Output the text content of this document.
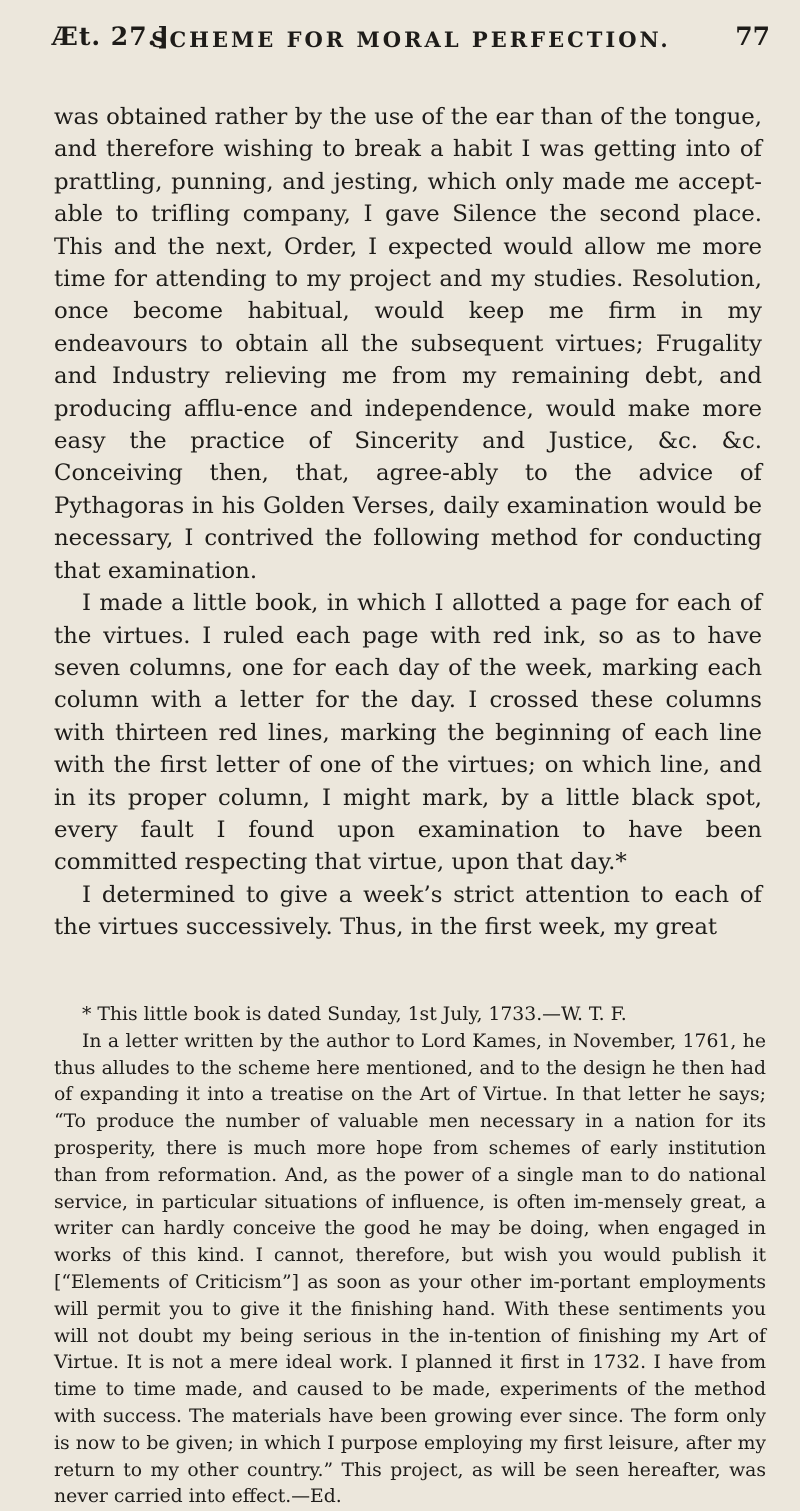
Æt. 27.]
SCHEME FOR MORAL PERFECTION.	77

was obtained rather by the use of the ear than of the tongue, and therefore wishing to break a habit I was getting into of prattling, punning, and jesting, which only made me accept-able to trifling company, I gave Silence the second place. This and the next, Order, I expected would allow me more time for attending to my project and my studies. Resolution, once become habitual, would keep me firm in my endeavours to obtain all the subsequent virtues; Frugality and Industry relieving me from my remaining debt, and producing afflu-ence and independence, would make more easy the practice of Sincerity and Justice, &c. &c. Conceiving then, that, agree-ably to the advice of Pythagoras in his Golden Verses, daily examination would be necessary, I contrived the following method for conducting that examination.

I made a little book, in which I allotted a page for each of the virtues. I ruled each page with red ink, so as to have seven columns, one for each day of the week, marking each column with a letter for the day. I crossed these columns with thirteen red lines, marking the beginning of each line with the first letter of one of the virtues; on which line, and in its proper column, I might mark, by a little black spot, every fault I found upon examination to have been committed respecting that virtue, upon that day.*

I determined to give a week’s strict attention to each of the virtues successively. Thus, in the first week, my great

* This little book is dated Sunday, 1st July, 1733.—W. T. F.

In a letter written by the author to Lord Kames, in November, 1761, he thus alludes to the scheme here mentioned, and to the design he then had of expanding it into a treatise on the Art of Virtue. In that letter he says; “To produce the number of valuable men necessary in a nation for its prosperity, there is much more hope from schemes of early institution than from reformation. And, as the power of a single man to do national service, in particular situations of influence, is often im-mensely great, a writer can hardly conceive the good he may be doing, when engaged in works of this kind. I cannot, therefore, but wish you would publish it [“Elements of Criticism”] as soon as your other im-portant employments will permit you to give it the finishing hand. With these sentiments you will not doubt my being serious in the in-tention of finishing my Art of Virtue. It is not a mere ideal work. I planned it first in 1732. I have from time to time made, and caused to be made, experiments of the method with success. The materials have been growing ever since. The form only is now to be given; in which I purpose employing my first leisure, after my return to my other country.” This project, as will be seen hereafter, was never carried into effect.—Ed.
